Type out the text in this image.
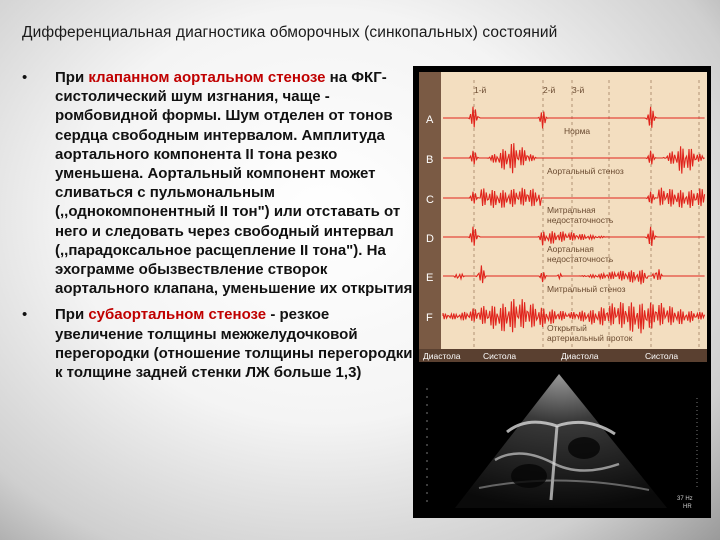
Дифференциальная диагностика обморочных (синкопальных) состояний
•	При клапанном аортальном стенозе на ФКГ- систолический шум изгнания, чаще - ромбовидной формы. Шум отделен от тонов сердца свободным интервалом. Амплитуда аортального компонента II тона резко уменьшена. Аортальный компонент может сливаться с пульмональным (,,однокомпонентный II тон") или отставать от него и следовать через свободный интервал (,,парадоксальное расщепление II тона"). На эхограмме обызвествление створок аортального клапана, уменьшение их открытия
•	При субаортальном стенозе - резкое увеличение толщины межжелудочковой перегородки (отношение толщины перегородки к толщине задней стенки ЛЖ больше 1,3)
1-й	2-й 3-й
A
B
C
D
E
F
Норма
Аортальный стеноз
Митральная
недостаточность
Аортальная
недостаточность
Митральный стеноз
Открытый
артериальный проток
Диастола	Систола	Диастола	Систола
37 Hz
HR
